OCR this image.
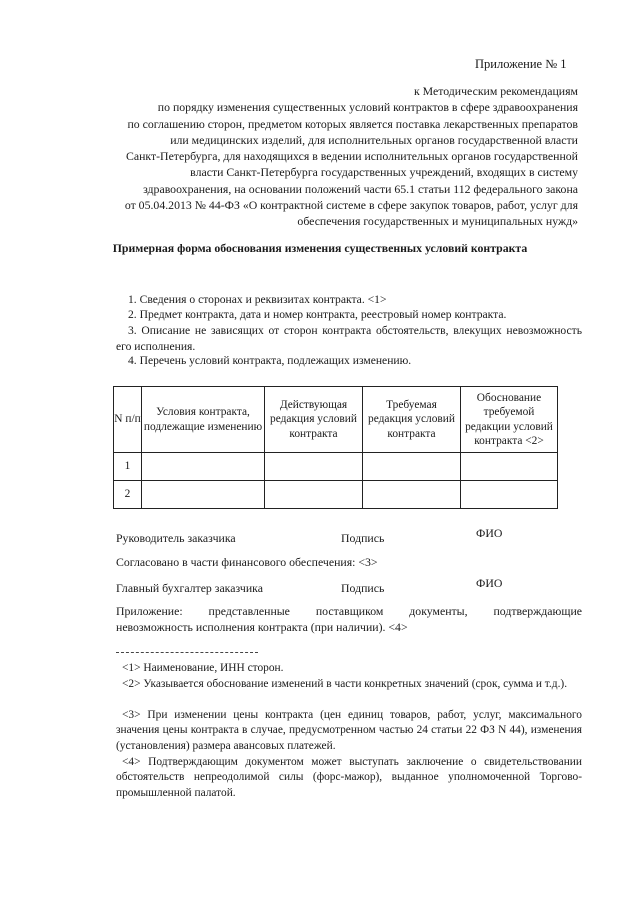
Приложение № 1
к Методическим рекомендациям
по порядку изменения существенных условий контрактов в сфере здравоохранения
по соглашению сторон, предметом которых является поставка лекарственных препаратов
или медицинских изделий, для исполнительных органов государственной власти
Санкт-Петербурга, для находящихся в ведении исполнительных органов государственной
власти Санкт-Петербурга государственных учреждений, входящих в систему
здравоохранения, на основании положений части 65.1 статьи 112 федерального закона
от 05.04.2013 № 44-ФЗ «О контрактной системе в сфере закупок товаров, работ, услуг для
обеспечения государственных и муниципальных нужд»
Примерная форма обоснования изменения существенных условий контракта
1. Сведения о сторонах и реквизитах контракта. <1>
2. Предмет контракта, дата и номер контракта, реестровый номер контракта.
3. Описание не зависящих от сторон контракта обстоятельств, влекущих невозможность его исполнения.
4. Перечень условий контракта, подлежащих изменению.
N п/п	Условия контракта, подлежащие изменению	Действующая редакция условий контракта	Требуемая редакция условий контракта	Обоснование требуемой редакции условий контракта <2>
1				
2				
Руководитель заказчика	Подпись	ФИО
Согласовано в части финансового обеспечения: <3>
Главный бухгалтер заказчика	Подпись	ФИО
Приложение: представленные поставщиком документы, подтверждающие
невозможность исполнения контракта (при наличии). <4>
<1> Наименование, ИНН сторон.
<2> Указывается обоснование изменений в части конкретных значений (срок, сумма и т.д.).
<3> При изменении цены контракта (цен единиц товаров, работ, услуг, максимального значения цены контракта в случае, предусмотренном частью 24 статьи 22 ФЗ N 44), изменения (установления) размера авансовых платежей.
<4> Подтверждающим документом может выступать заключение о свидетельствовании обстоятельств непреодолимой силы (форс-мажор), выданное уполномоченной Торгово-промышленной палатой.
